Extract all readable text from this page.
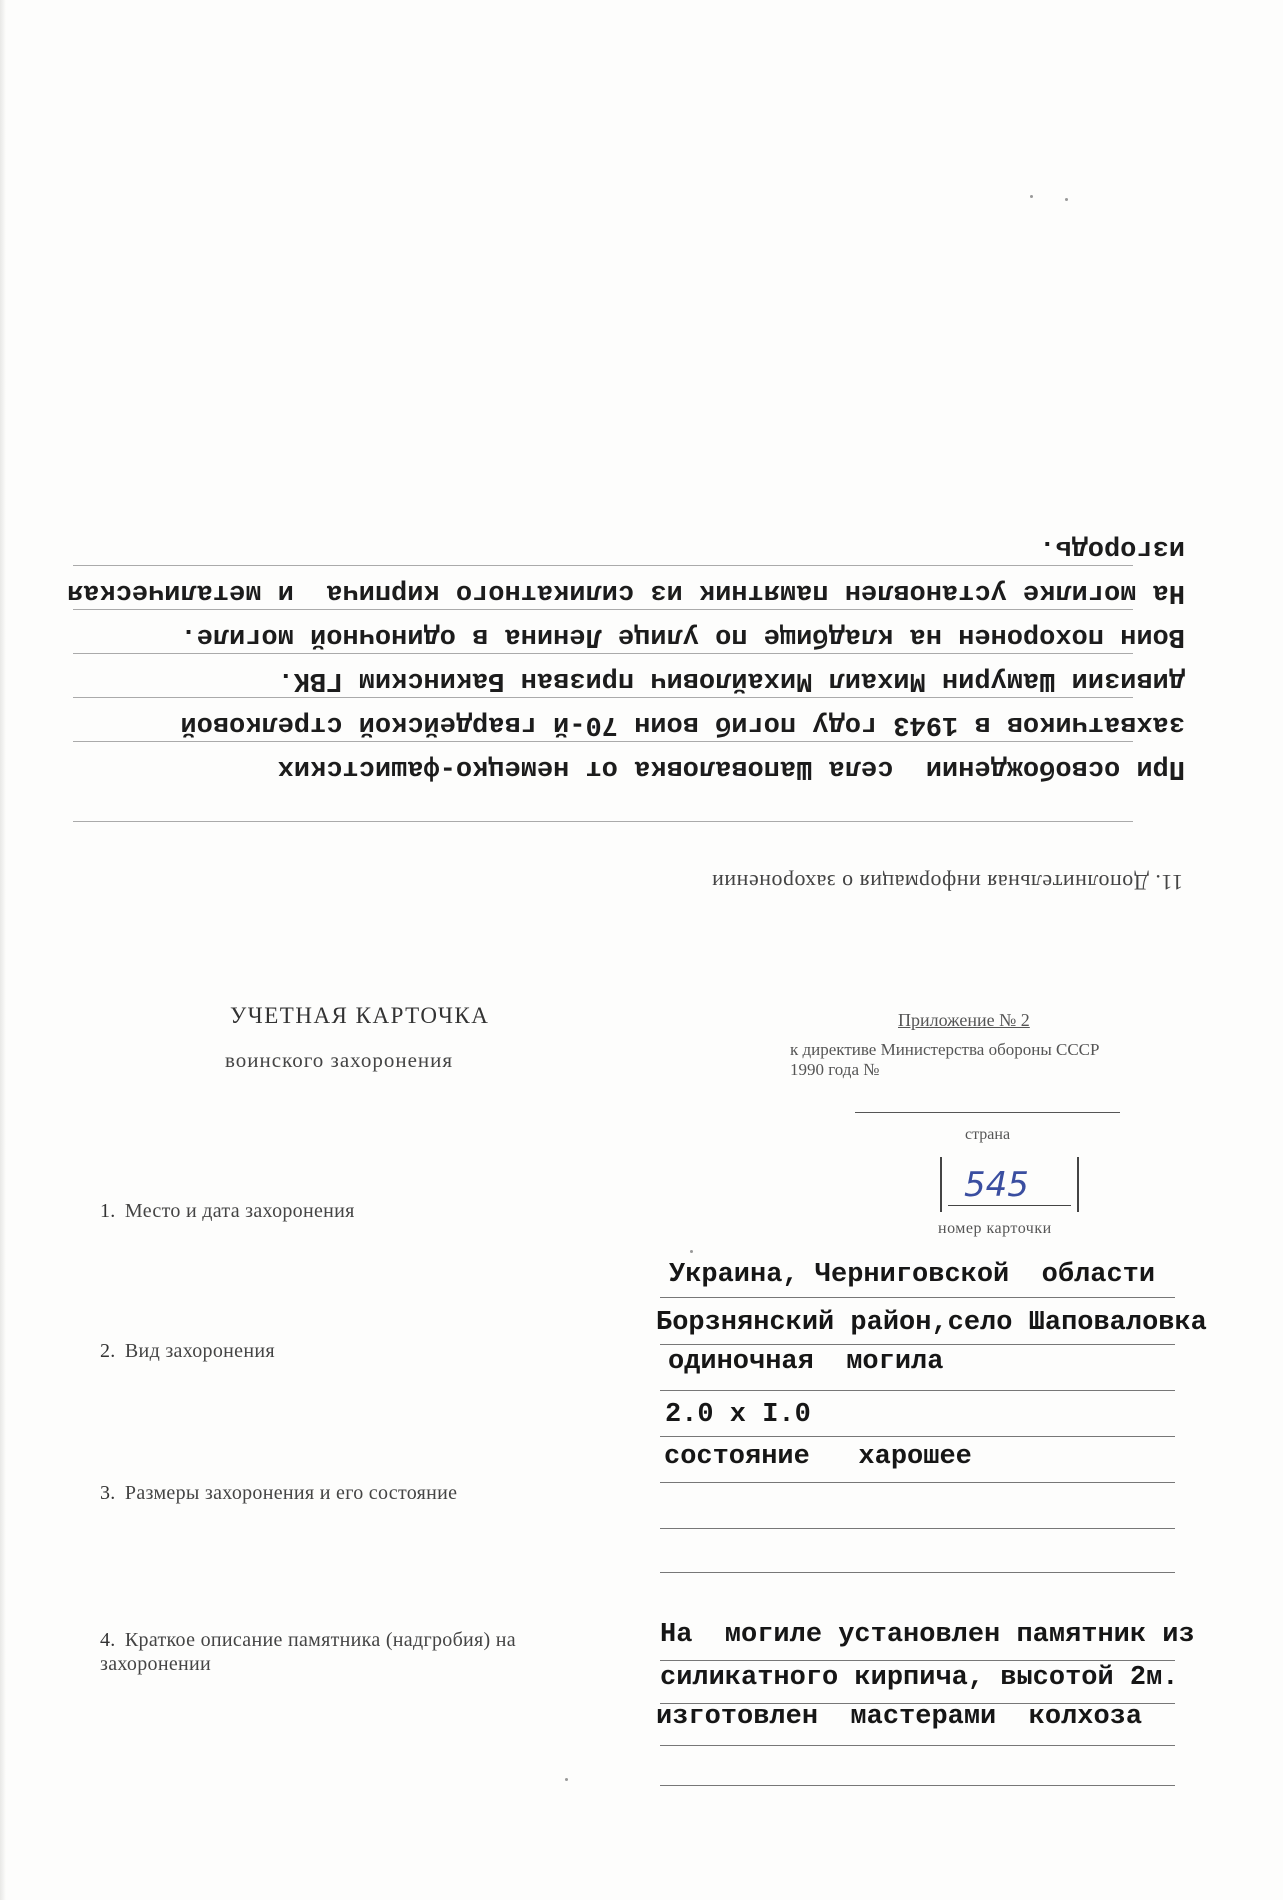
11. Дополнительная информация о захоронении
При освобождении  села Шаповаловка от немецко-фашистских
захватчиков в 1943 году погиб воин 70-й гвардейской стрелковой
дивизии Шамурин Михаил Михайлович призван Бакинским ГВК.
Воин похоронен на кладбище по улице Ленина в одиночной могиле.
На могилке установлен памятник из силикатного кирпича  и металическая
изгородь.
УЧЕТНАЯ КАРТОЧКА
воинского захоронения
Приложение № 2
к директиве Министерства обороны СССР
1990 года №
страна
545
номер карточки
1. Место и дата захоронения
Украина, Черниговской  области
Борзнянский район,село Шаповаловка
2. Вид захоронения	одиночная  могила
2.0 х I.0
состояние   харошее
3. Размеры захоронения и его состояние
4. Краткое описание памятника (надгробия) на захоронении
На  могиле установлен памятник из
силикатного кирпича, высотой 2м.
изготовлен  мастерами  колхоза
